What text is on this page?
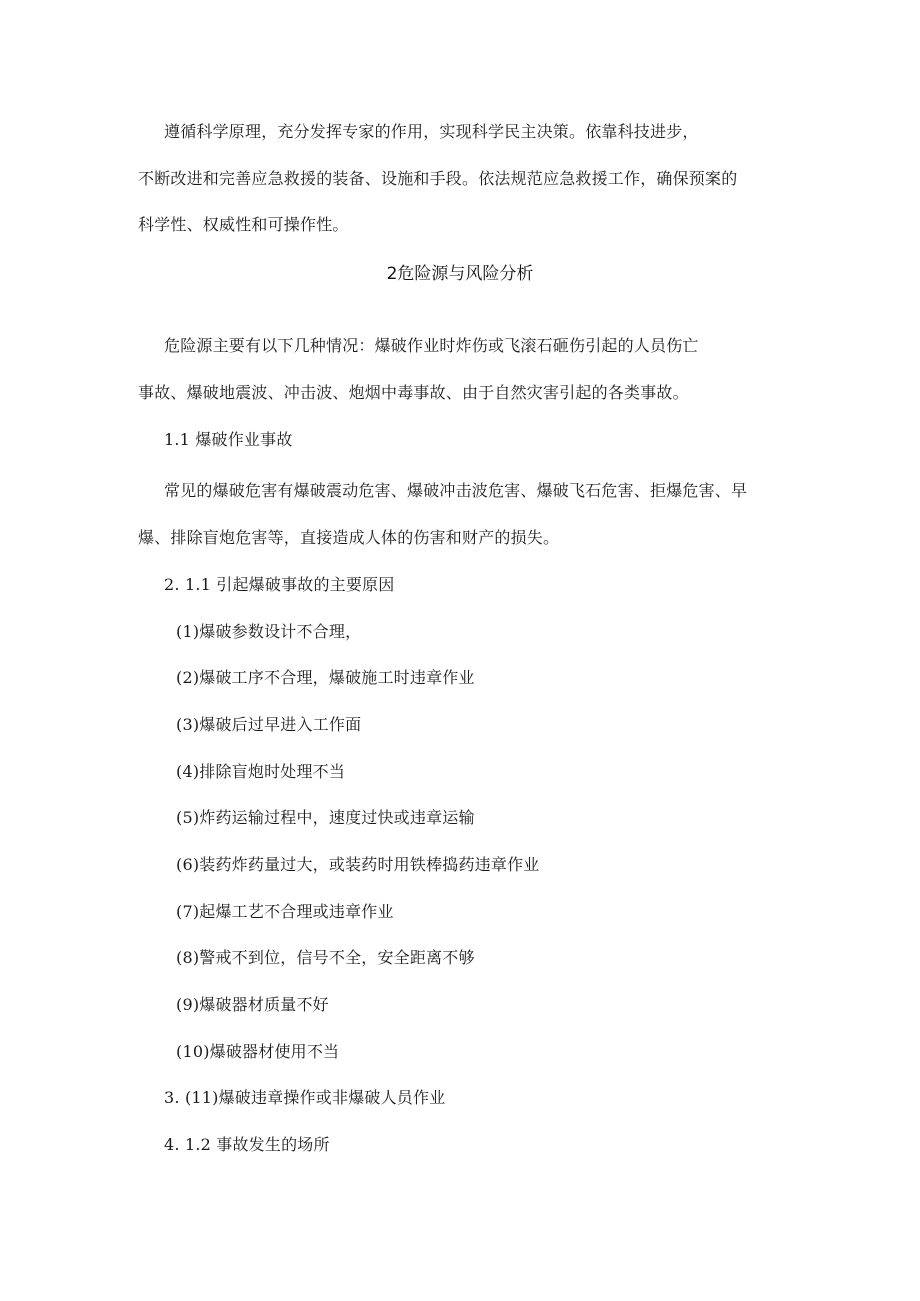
遵循科学原理，充分发挥专家的作用，实现科学民主决策。依靠科技进步，
不断改进和完善应急救援的装备、设施和手段。依法规范应急救援工作，确保预案的
科学性、权威性和可操作性。
2危险源与风险分析
危险源主要有以下几种情况：爆破作业时炸伤或飞滚石砸伤引起的人员伤亡
事故、爆破地震波、冲击波、炮烟中毒事故、由于自然灾害引起的各类事故。
1.1 爆破作业事故
常见的爆破危害有爆破震动危害、爆破冲击波危害、爆破飞石危害、拒爆危害、早
爆、排除盲炮危害等，直接造成人体的伤害和财产的损失。
2. 1.1 引起爆破事故的主要原因
(1)爆破参数设计不合理，
(2)爆破工序不合理，爆破施工时违章作业
(3)爆破后过早进入工作面
(4)排除盲炮时处理不当
(5)炸药运输过程中，速度过快或违章运输
(6)装药炸药量过大，或装药时用铁棒捣药违章作业
(7)起爆工艺不合理或违章作业
(8)警戒不到位，信号不全，安全距离不够
(9)爆破器材质量不好
(10)爆破器材使用不当
3. (11)爆破违章操作或非爆破人员作业
4. 1.2 事故发生的场所
